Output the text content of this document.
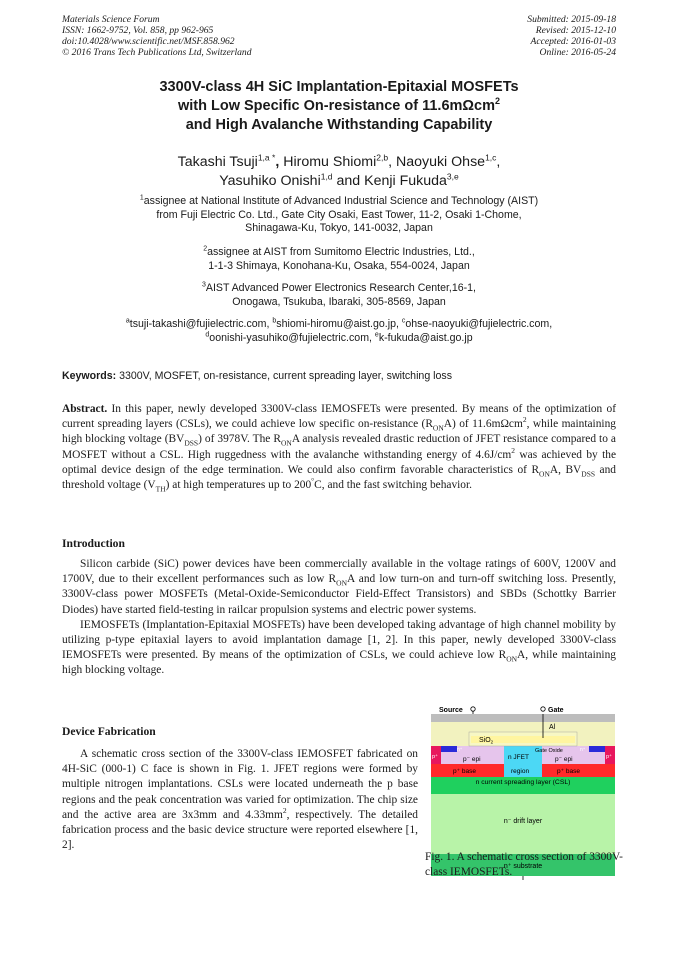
Materials Science Forum
ISSN: 1662-9752, Vol. 858, pp 962-965
doi:10.4028/www.scientific.net/MSF.858.962
© 2016 Trans Tech Publications Ltd, Switzerland
Submitted: 2015-09-18
Revised: 2015-12-10
Accepted: 2016-01-03
Online: 2016-05-24
3300V-class 4H SiC Implantation-Epitaxial MOSFETs
with Low Specific On-resistance of 11.6mΩcm$^2$
and High Avalanche Withstanding Capability
Takashi Tsuji$^{1,a *}$, Hiromu Shiomi$^{2,b}$, Naoyuki Ohse$^{1,c}$,
Yasuhiko Onishi$^{1,d}$ and Kenji Fukuda$^{3,e}$
$^1$assignee at National Institute of Advanced Industrial Science and Technology (AIST)
from Fuji Electric Co. Ltd., Gate City Osaki, East Tower, 11-2, Osaki 1-Chome,
Shinagawa-Ku, Tokyo, 141-0032, Japan
$^2$assignee at AIST from Sumitomo Electric Industries, Ltd.,
1-1-3 Shimaya, Konohana-Ku, Osaka, 554-0024, Japan
$^3$AIST Advanced Power Electronics Research Center,16-1,
Onogawa, Tsukuba, Ibaraki, 305-8569, Japan
$^a$tsuji-takashi@fujielectric.com, $^b$shiomi-hiromu@aist.go.jp, $^c$ohse-naoyuki@fujielectric.com,
$^d$oonishi-yasuhiko@fujielectric.com, $^e$k-fukuda@aist.go.jp
Keywords: 3300V, MOSFET, on-resistance, current spreading layer, switching loss
Abstract. In this paper, newly developed 3300V-class IEMOSFETs were presented. By means of the optimization of current spreading layers (CSLs), we could achieve low specific on-resistance $(R_{ON}A)$ of 11.6mΩcm$^2$, while maintaining high blocking voltage $(BV_{DSS})$ of 3978V. The $R_{ON}A$ analysis revealed drastic reduction of JFET resistance compared to a MOSFET without a CSL. High ruggedness with the avalanche withstanding energy of $4.6J/cm^2$ was achieved by the optimal device design of the edge termination. We could also confirm favorable characteristics of $R_{ON}A$, $BV_{DSS}$ and threshold voltage $(V_{TH})$ at high temperatures up to 200°C, and the fast switching behavior.
Introduction

Silicon carbide (SiC) power devices have been commercially available in the voltage ratings of 600V, 1200V and 1700V, due to their excellent performances such as low $R_{ON}A$ and low turn-on and turn-off switching loss. Presently, 3300V-class power MOSFETs (Metal-Oxide-Semiconductor Field-Effect Transistors) and SBDs (Schottky Barrier Diodes) have started field-testing in railcar propulsion systems and electric power systems.

IEMOSFETs (Implantation-Epitaxial MOSFETs) have been developed taking advantage of high channel mobility by utilizing p-type epitaxial layers to avoid implantation damage [1, 2]. In this paper, newly developed 3300V-class IEMOSFETs were presented. By means of the optimization of CSLs, we could achieve low $R_{ON}A$, while maintaining high blocking voltage.

Device Fabrication

A schematic cross section of the 3300V-class IEMOSFET fabricated on 4H-SiC (000-1) C face is shown in Fig. 1. JFET regions were formed by multiple nitrogen implantations. CSLs were located underneath the p base regions and the peak concentration was varied for optimization. The chip size and the active area are 3x3mm and $4.33mm^2$, respectively. The detailed fabrication process and the basic device structure were reported elsewhere [1, 2].

Source	Gate
Al
SiO$_2$
Gate Oxide
n⁺	n⁺
p⁺	p⁺
p⁻ epi	p⁻ epi
n JFET
region
p⁺ base	p⁺ base
n current spreading layer (CSL)
n⁻ drift layer
n⁺ substrate
Fig. 1. A schematic cross section of 3300V-class IEMOSFETs.
